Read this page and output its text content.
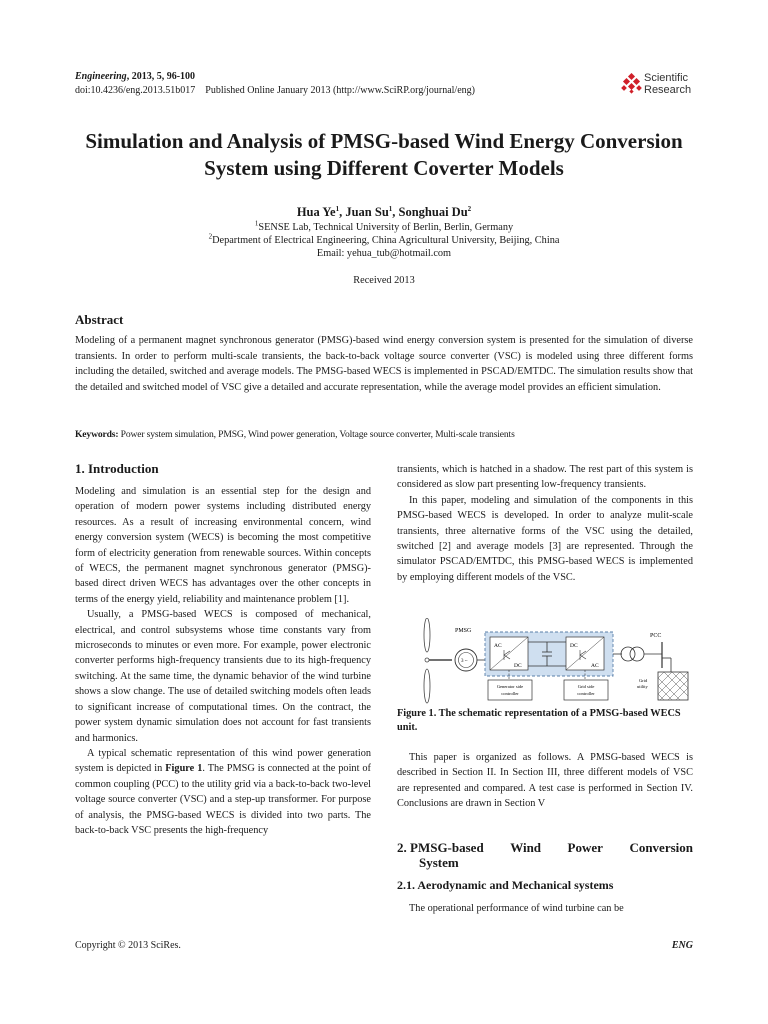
Engineering, 2013, 5, 96-100
doi:10.4236/eng.2013.51b017 Published Online January 2013 (http://www.SciRP.org/journal/eng)
Scientific
Research
Simulation and Analysis of PMSG-based Wind Energy Conversion System using Different Coverter Models
Hua Ye$^1$, Juan Su$^1$, Songhuai Du$^2$
$^1$SENSE Lab, Technical University of Berlin, Berlin, Germany
$^2$Department of Electrical Engineering, China Agricultural University, Beijing, China
Email: yehua_tub@hotmail.com
Received 2013
Abstract
Modeling of a permanent magnet synchronous generator (PMSG)-based wind energy conversion system is presented for the simulation of diverse transients. In order to perform multi-scale transients, the back-to-back voltage source converter (VSC) is modeled using three different forms including the detailed, switched and average models. The PMSG-based WECS is implemented in PSCAD/EMTDC. The simulation results show that the detailed and switched model of VSC give a detailed and accurate representation, while the average model provides an efficient simulation.
Keywords: Power system simulation, PMSG, Wind power generation, Voltage source converter, Multi-scale transients
1. Introduction

Modeling and simulation is an essential step for the design and operation of modern power systems including distributed energy resources. As a result of increasing environmental concern, wind energy conversion system (WECS) is becoming the most competitive form of electricity generation from renewable sources. Within concepts of WECS, the permanent magnet synchronous generator (PMSG)-based direct driven WECS has advantages over the other concepts in terms of the energy yield, reliability and maintenance problem [1].

Usually, a PMSG-based WECS is composed of mechanical, electrical, and control subsystems whose time constants vary from microseconds to minutes or even more. For example, power electronic converter performs high-frequency transients due to its high-frequency switching. At the same time, the dynamic behavior of the wind turbine shows a slow change. The use of detailed switching models often leads to significant increase of computational times. On the contract, the power system dynamic simulation does not account for fast transients and harmonics.

A typical schematic representation of this wind power generation system is depicted in Figure 1. The PMSG is connected at the point of common coupling (PCC) to the utility grid via a back-to-back two-level voltage source converter (VSC) and a step-up transformer. For purpose of analysis, the PMSG-based WECS is divided into two parts. The back-to-back VSC presents the high-frequency

transients, which is hatched in a shadow. The rest part of this system is considered as slow part presenting low-frequency transients.

In this paper, modeling and simulation of the components in this PMSG-based WECS is developed. In order to analyze mulit-scale transients, three alternative forms of the VSC using the detailed, switched [2] and average models [3] are represented. Through the simulator PSCAD/EMTDC, this PMSG-based WECS is implemented by employing different models of the VSC.

PMSG
3 ~
AC
DC
DC
AC
PCC
Grid
utility
Generator side
controller
Grid side
controller
Figure 1. The schematic representation of a PMSG-based WECS unit.

This paper is organized as follows. A PMSG-based WECS is described in Section II. In Section III, three different models of VSC are represented and compared. A test case is performed in Section IV. Conclusions are drawn in Section V

2. PMSG-based Wind Power Conversion
System
2.1. Aerodynamic and Mechanical systems
The operational performance of wind turbine can be
Copyright © 2013 SciRes.	ENG
